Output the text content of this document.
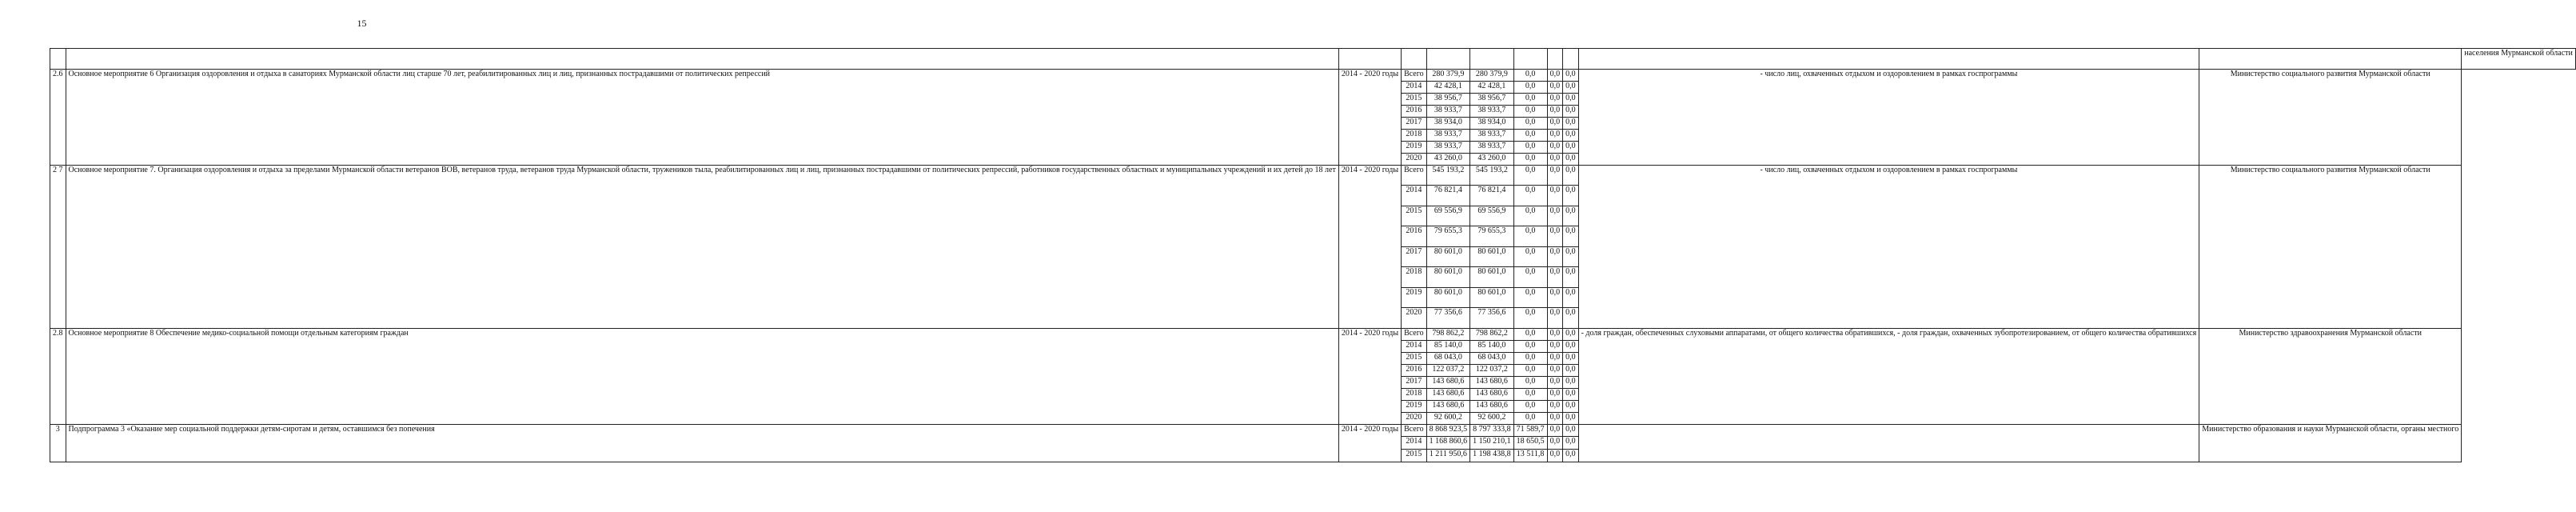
15
											населения Мурманской области
2.6	Основное мероприятие 6 Организация оздоровления и отдыха в санаториях Мурманской области лиц старше 70 лет, реабилитированных лиц и лиц, признанных пострадавшими от политических репрессий	2014 - 2020 годы	Всего	280 379,9	280 379,9	0,0	0,0	0,0	- число лиц, охваченных отдыхом и оздоровлением в рамках госпрограммы	Министерство социального развития Мурманской области	
			2014	42 428,1	42 428,1	0,0	0,0	0,0			
			2015	38 956,7	38 956,7	0,0	0,0	0,0			
			2016	38 933,7	38 933,7	0,0	0,0	0,0			
			2017	38 934,0	38 934,0	0,0	0,0	0,0			
			2018	38 933,7	38 933,7	0,0	0,0	0,0			
			2019	38 933,7	38 933,7	0,0	0,0	0,0			
			2020	43 260,0	43 260,0	0,0	0,0	0,0			
2 7	Основное мероприятие 7. Организация оздоровления и отдыха за пределами Мурманской области ветеранов ВОВ, ветеранов труда, ветеранов труда Мурманской области, тружеников тыла, реабилитированных лиц и лиц, признанных пострадавшими от политических репрессий, работников государственных областных и муниципальных учреждений и их детей до 18 лет	2014 - 2020 годы	Всего	545 193,2	545 193,2	0,0	0,0	0,0	- число лиц, охваченных отдыхом и оздоровлением в рамках госпрограммы	Министерство социального развития Мурманской области	
			2014	76 821,4	76 821,4	0,0	0,0	0,0			
			2015	69 556,9	69 556,9	0,0	0,0	0,0			
			2016	79 655,3	79 655,3	0,0	0,0	0,0			
			2017	80 601,0	80 601,0	0,0	0,0	0,0			
			2018	80 601,0	80 601,0	0,0	0,0	0,0			
			2019	80 601,0	80 601,0	0,0	0,0	0,0			
			2020	77 356,6	77 356,6	0,0	0,0	0,0			
2.8	Основное мероприятие 8 Обеспечение медико-социальной помощи отдельным категориям граждан	2014 - 2020 годы	Всего	798 862,2	798 862,2	0,0	0,0	0,0	- доля граждан, обеспеченных слуховыми аппаратами, от общего количества обратившихся, - доля граждан, охваченных зубопротезированием, от общего количества обратившихся	Министерство здравоохранения Мурманской области	
			2014	85 140,0	85 140,0	0,0	0,0	0,0			
			2015	68 043,0	68 043,0	0,0	0,0	0,0			
			2016	122 037,2	122 037,2	0,0	0,0	0,0			
			2017	143 680,6	143 680,6	0,0	0,0	0,0			
			2018	143 680,6	143 680,6	0,0	0,0	0,0			
			2019	143 680,6	143 680,6	0,0	0,0	0,0			
			2020	92 600,2	92 600,2	0,0	0,0	0,0			
3	Подпрограмма 3 «Оказание мер социальной поддержки детям-сиротам и детям, оставшимся без попечения	2014 - 2020 годы	Всего	8 868 923,5	8 797 333,8	71 589,7	0,0	0,0		Министерство образования и науки Мурманской области, органы местного	
			2014	1 168 860,6	1 150 210,1	18 650,5	0,0	0,0			
			2015	1 211 950,6	1 198 438,8	13 511,8	0,0	0,0			
